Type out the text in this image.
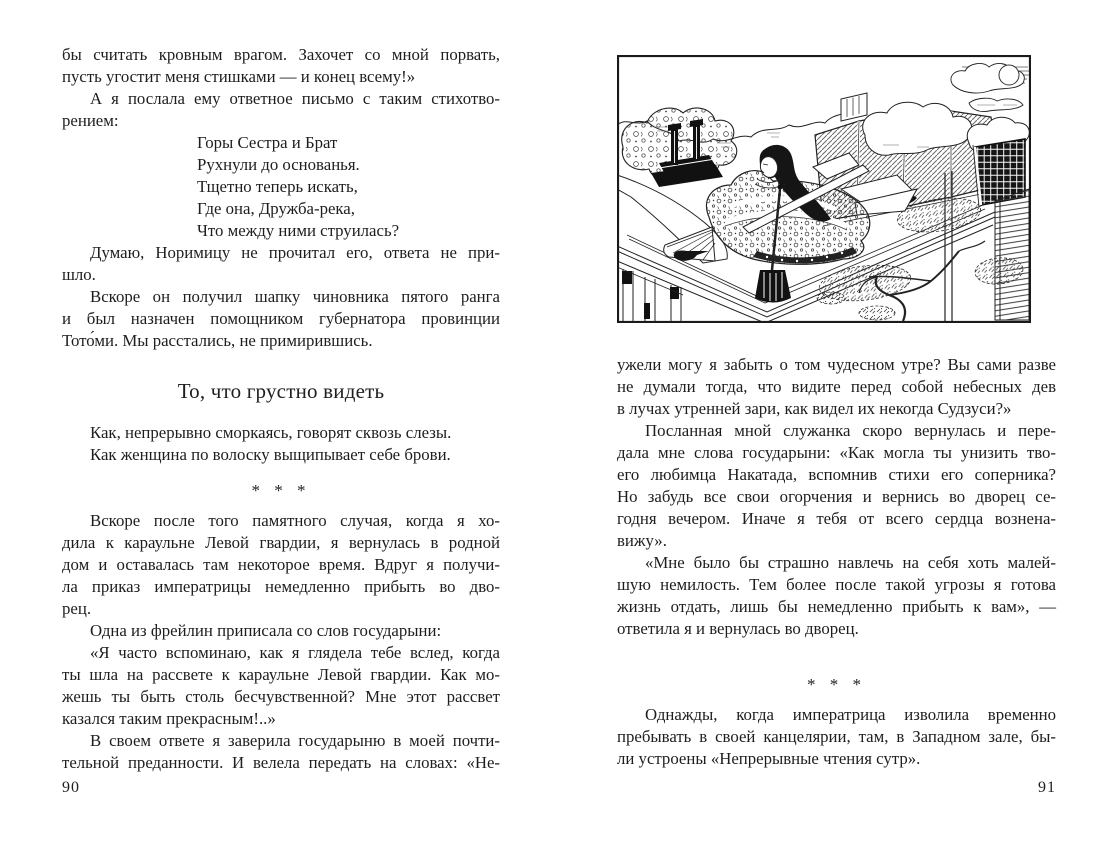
бы считать кровным врагом. Захочет со мной порвать,
пусть угостит меня стишками — и конец всему!»
А я послала ему ответное письмо с таким стихотво-
рением:
Горы Сестра и Брат
Рухнули до основанья.
Тщетно теперь искать,
Где она, Дружба-река,
Что между ними струилась?
Думаю, Норимицу не прочитал его, ответа не при-
шло.
Вскоре он получил шапку чиновника пятого ранга
и был назначен помощником губернатора провинции
Тото́ми. Мы расстались, не примирившись.
То, что грустно видеть
Как, непрерывно сморкаясь, говорят сквозь слезы.
Как женщина по волоску выщипывает себе брови.
* * *
Вскоре после того памятного случая, когда я хо-
дила к караульне Левой гвардии, я вернулась в родной
дом и оставалась там некоторое время. Вдруг я получи-
ла приказ императрицы немедленно прибыть во дво-
рец.
Одна из фрейлин приписала со слов государыни:
«Я часто вспоминаю, как я глядела тебе вслед, когда
ты шла на рассвете к караульне Левой гвардии. Как мо-
жешь ты быть столь бесчувственной? Мне этот рассвет
казался таким прекрасным!..»
В своем ответе я заверила государыню в моей почти-
тельной преданности. И велела передать на словах: «Не-
90
ужели могу я забыть о том чудесном утре? Вы сами разве
не думали тогда, что видите перед собой небесных дев
в лучах утренней зари, как видел их некогда Судзуси?»
Посланная мной служанка скоро вернулась и пере-
дала мне слова государыни: «Как могла ты унизить тво-
его любимца Накатада, вспомнив стихи его соперника?
Но забудь все свои огорчения и вернись во дворец се-
годня вечером. Иначе я тебя от всего сердца вознена-
вижу».
«Мне было бы страшно навлечь на себя хоть малей-
шую немилость. Тем более после такой угрозы я готова
жизнь отдать, лишь бы немедленно прибыть к вам», —
ответила я и вернулась во дворец.
* * *
Однажды, когда императрица изволила временно
пребывать в своей канцелярии, там, в Западном зале, бы-
ли устроены «Непрерывные чтения сутр».
91
